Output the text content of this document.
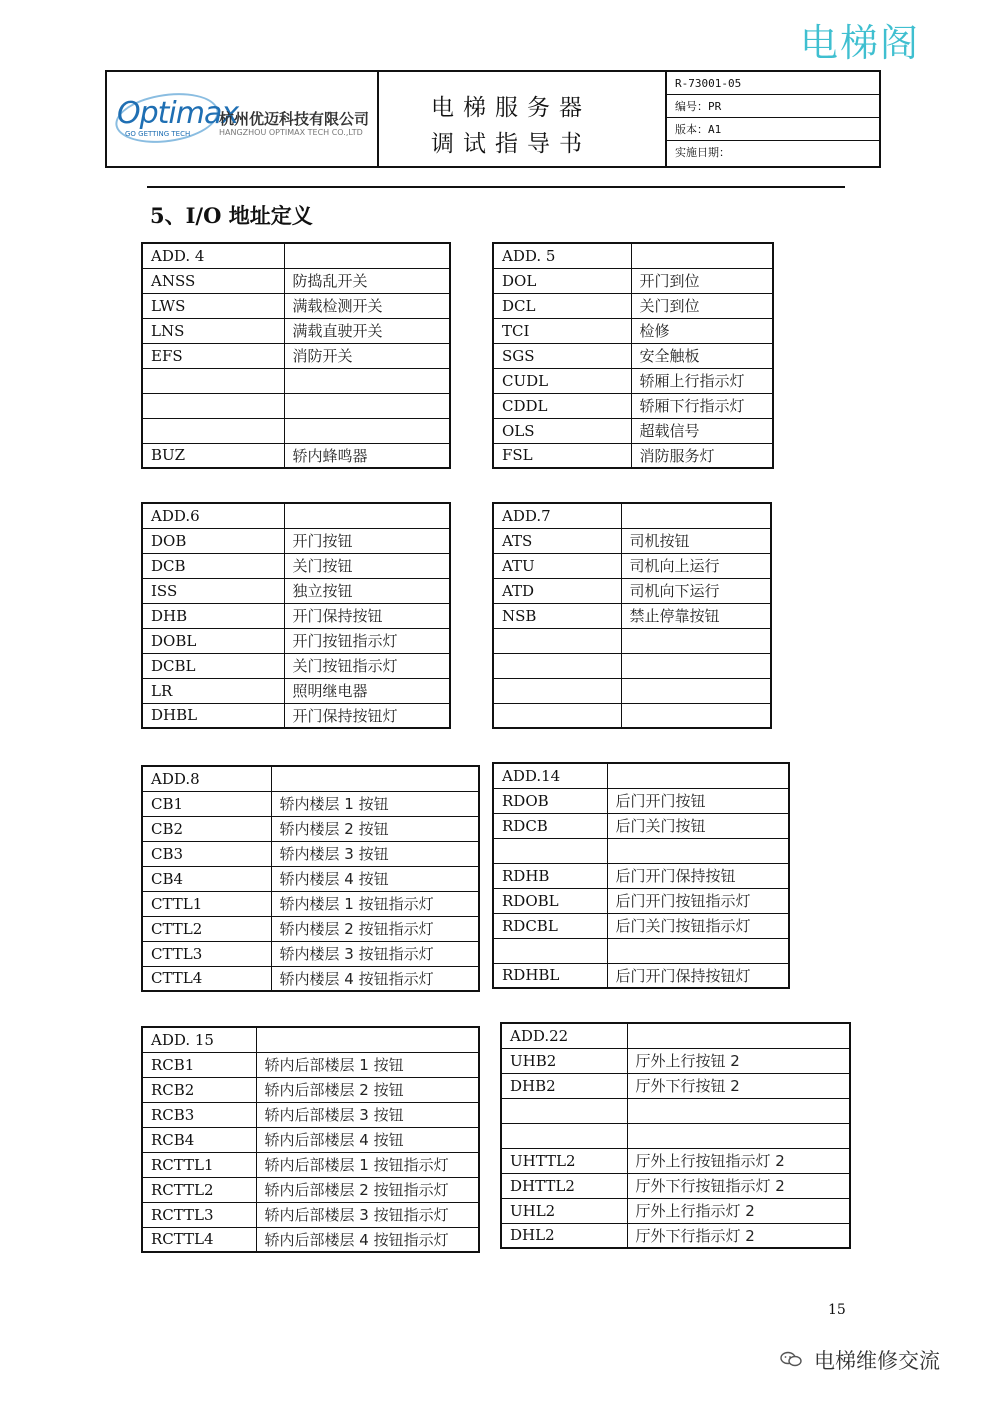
电梯阁
Optimax
GO GETTING TECH
杭州优迈科技有限公司
HANGZHOU OPTIMAX TECH CO.,LTD
电梯服务器
调试指导书
R-73001-05
编号：PR
版本：A1
实施日期：
5、I/O 地址定义
ADD. 4	
ANSS	防捣乱开关
LWS	满载检测开关
LNS	满载直驶开关
EFS	消防开关

BUZ	轿内蜂鸣器
ADD. 5	
DOL	开门到位
DCL	关门到位
TCI	检修
SGS	安全触板
CUDL	轿厢上行指示灯
CDDL	轿厢下行指示灯
OLS	超载信号
FSL	消防服务灯
ADD.6	
DOB	开门按钮
DCB	关门按钮
ISS	独立按钮
DHB	开门保持按钮
DOBL	开门按钮指示灯
DCBL	关门按钮指示灯
LR	照明继电器
DHBL	开门保持按钮灯
ADD.7	
ATS	司机按钮
ATU	司机向上运行
ATD	司机向下运行
NSB	禁止停靠按钮

ADD.8	
CB1	轿内楼层 1 按钮
CB2	轿内楼层 2 按钮
CB3	轿内楼层 3 按钮
CB4	轿内楼层 4 按钮
CTTL1	轿内楼层 1 按钮指示灯
CTTL2	轿内楼层 2 按钮指示灯
CTTL3	轿内楼层 3 按钮指示灯
CTTL4	轿内楼层 4 按钮指示灯
ADD.14	
RDOB	后门开门按钮
RDCB	后门关门按钮

RDHB	后门开门保持按钮
RDOBL	后门开门按钮指示灯
RDCBL	后门关门按钮指示灯

RDHBL	后门开门保持按钮灯
ADD. 15	
RCB1	轿内后部楼层 1 按钮
RCB2	轿内后部楼层 2 按钮
RCB3	轿内后部楼层 3 按钮
RCB4	轿内后部楼层 4 按钮
RCTTL1	轿内后部楼层 1 按钮指示灯
RCTTL2	轿内后部楼层 2 按钮指示灯
RCTTL3	轿内后部楼层 3 按钮指示灯
RCTTL4	轿内后部楼层 4 按钮指示灯
ADD.22	
UHB2	厅外上行按钮 2
DHB2	厅外下行按钮 2

UHTTL2	厅外上行按钮指示灯 2
DHTTL2	厅外下行按钮指示灯 2
UHL2	厅外上行指示灯 2
DHL2	厅外下行指示灯 2
15
电梯维修交流
